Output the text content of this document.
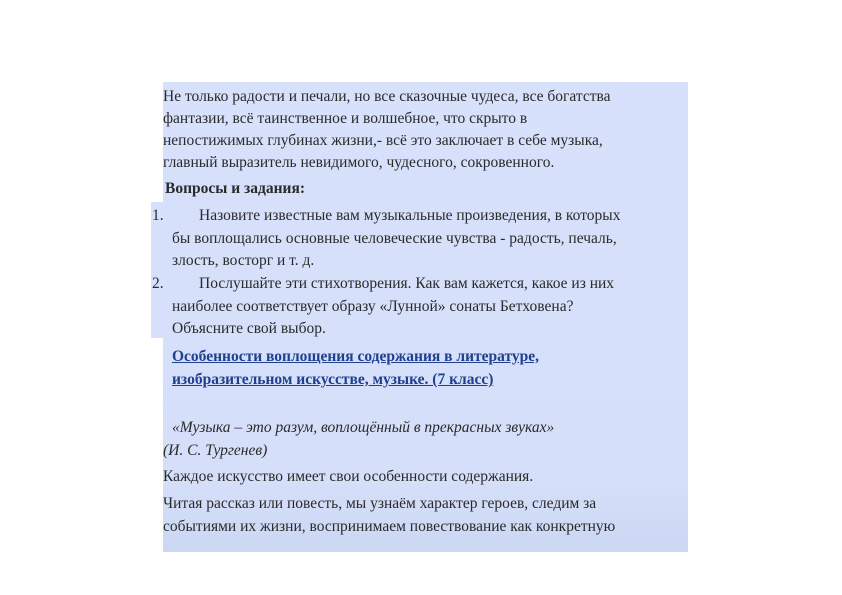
Не только радости и печали, но все сказочные чудеса, все богатства
фантазии, всё таинственное и волшебное, что скрыто в
непостижимых глубинах жизни,- всё это заключает в себе музыка,
главный выразитель невидимого, чудесного, сокровенного.
Вопросы и задания:
1. Назовите известные вам музыкальные произведения, в которых
бы воплощались основные человеческие чувства - радость, печаль,
злость, восторг и т. д.
2. Послушайте эти стихотворения. Как вам кажется, какое из них
наиболее соответствует образу «Лунной» сонаты Бетховена?
Объясните свой выбор.
Особенности воплощения содержания в литературе,
изобразительном искусстве, музыке. (7 класс)
«Музыка – это разум, воплощённый в прекрасных звуках»
(И. С. Тургенев)
Каждое искусство имеет свои особенности содержания.
Читая рассказ или повесть, мы узнаём характер героев, следим за
событиями их жизни, воспринимаем повествование как конкретную
